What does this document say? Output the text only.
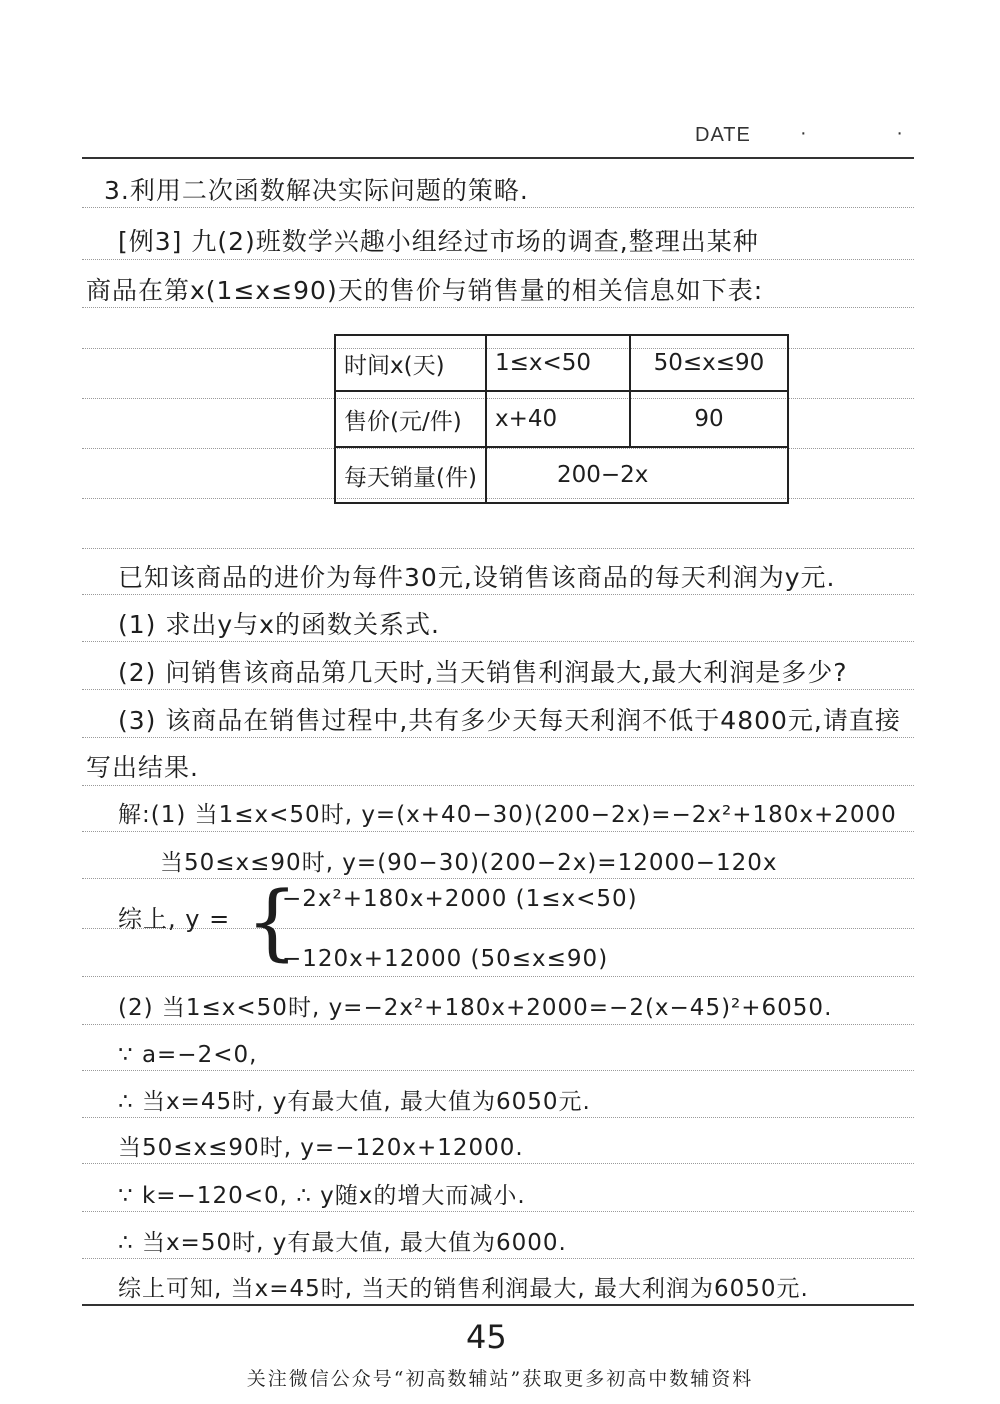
DATE · ·
3.利用二次函数解决实际问题的策略.
[例3] 九(2)班数学兴趣小组经过市场的调查,整理出某种
商品在第x(1≤x≤90)天的售价与销售量的相关信息如下表:
时间x(天)	1≤x<50	50≤x≤90
售价(元/件)	x+40	90
每天销量(件)	200−2x	
已知该商品的进价为每件30元,设销售该商品的每天利润为y元.
(1) 求出y与x的函数关系式.
(2) 问销售该商品第几天时,当天销售利润最大,最大利润是多少?
(3) 该商品在销售过程中,共有多少天每天利润不低于4800元,请直接
写出结果.
解:(1) 当1≤x<50时, y=(x+40−30)(200−2x)=−2x²+180x+2000
当50≤x≤90时, y=(90−30)(200−2x)=12000−120x
综上, y = {
−2x²+180x+2000 (1≤x<50)
−120x+12000 (50≤x≤90)
(2) 当1≤x<50时, y=−2x²+180x+2000=−2(x−45)²+6050.
∵ a=−2<0,
∴ 当x=45时, y有最大值, 最大值为6050元.
当50≤x≤90时, y=−120x+12000.
∵ k=−120<0, ∴ y随x的增大而减小.
∴ 当x=50时, y有最大值, 最大值为6000.
综上可知, 当x=45时, 当天的销售利润最大, 最大利润为6050元.
45
关注微信公众号“初高数辅站”获取更多初高中数辅资料
